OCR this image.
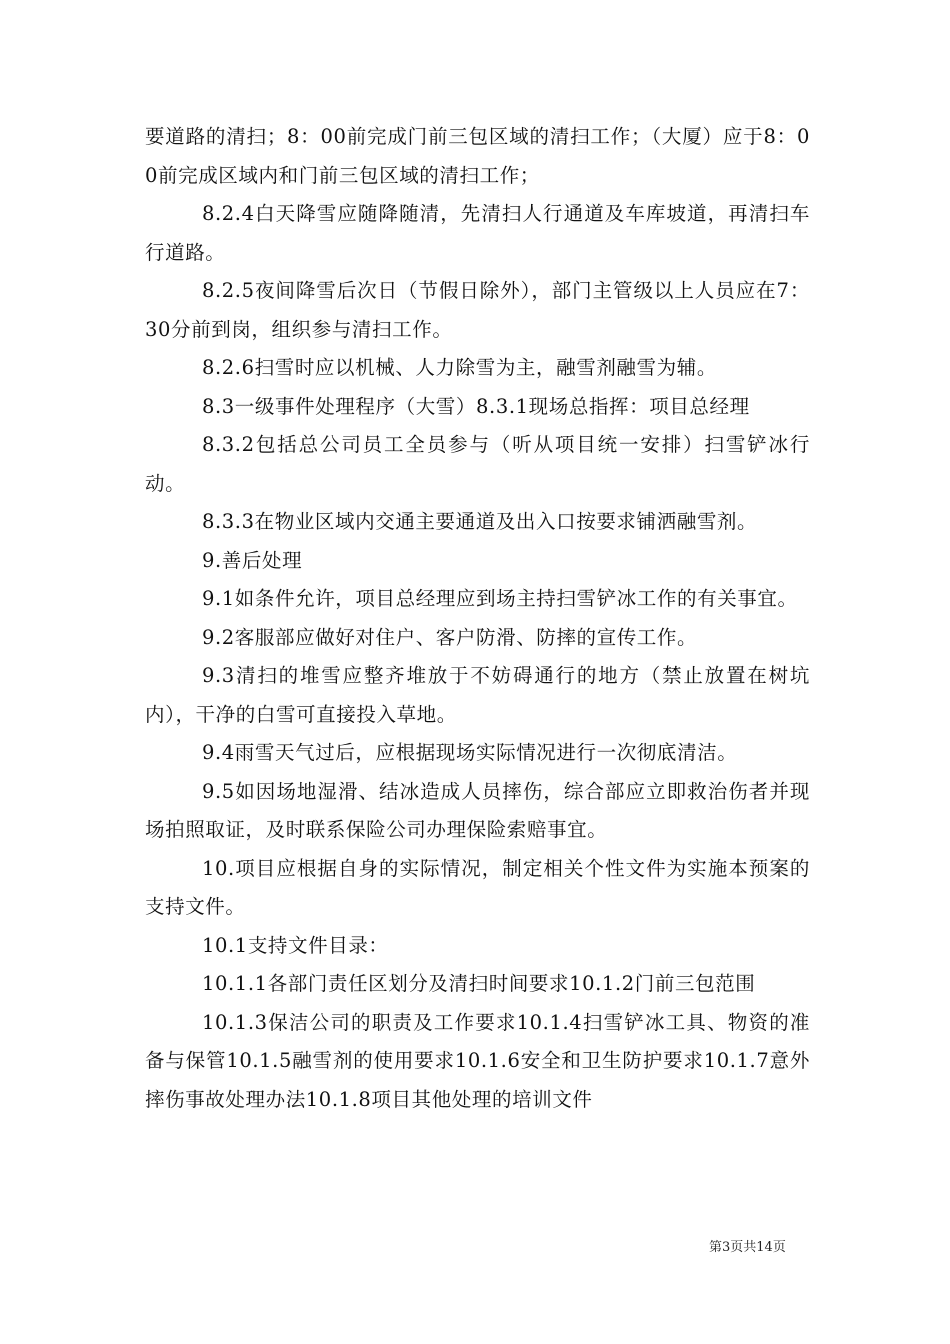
要道路的清扫；8：00前完成门前三包区域的清扫工作；（大厦）应于8：00前完成区域内和门前三包区域的清扫工作；

8.2.4白天降雪应随降随清，先清扫人行通道及车库坡道，再清扫车行道路。

8.2.5夜间降雪后次日（节假日除外），部门主管级以上人员应在7：30分前到岗，组织参与清扫工作。

8.2.6扫雪时应以机械、人力除雪为主，融雪剂融雪为辅。

8.3一级事件处理程序（大雪）8.3.1现场总指挥：项目总经理

8.3.2包括总公司员工全员参与（听从项目统一安排）扫雪铲冰行动。

8.3.3在物业区域内交通主要通道及出入口按要求铺洒融雪剂。

9.善后处理

9.1如条件允许，项目总经理应到场主持扫雪铲冰工作的有关事宜。

9.2客服部应做好对住户、客户防滑、防摔的宣传工作。

9.3清扫的堆雪应整齐堆放于不妨碍通行的地方（禁止放置在树坑内），干净的白雪可直接投入草地。

9.4雨雪天气过后，应根据现场实际情况进行一次彻底清洁。

9.5如因场地湿滑、结冰造成人员摔伤，综合部应立即救治伤者并现场拍照取证，及时联系保险公司办理保险索赔事宜。

10.项目应根据自身的实际情况，制定相关个性文件为实施本预案的支持文件。

10.1支持文件目录：

10.1.1各部门责任区划分及清扫时间要求10.1.2门前三包范围

10.1.3保洁公司的职责及工作要求10.1.4扫雪铲冰工具、物资的准备与保管10.1.5融雪剂的使用要求10.1.6安全和卫生防护要求10.1.7意外摔伤事故处理办法10.1.8项目其他处理的培训文件

第3页共14页
